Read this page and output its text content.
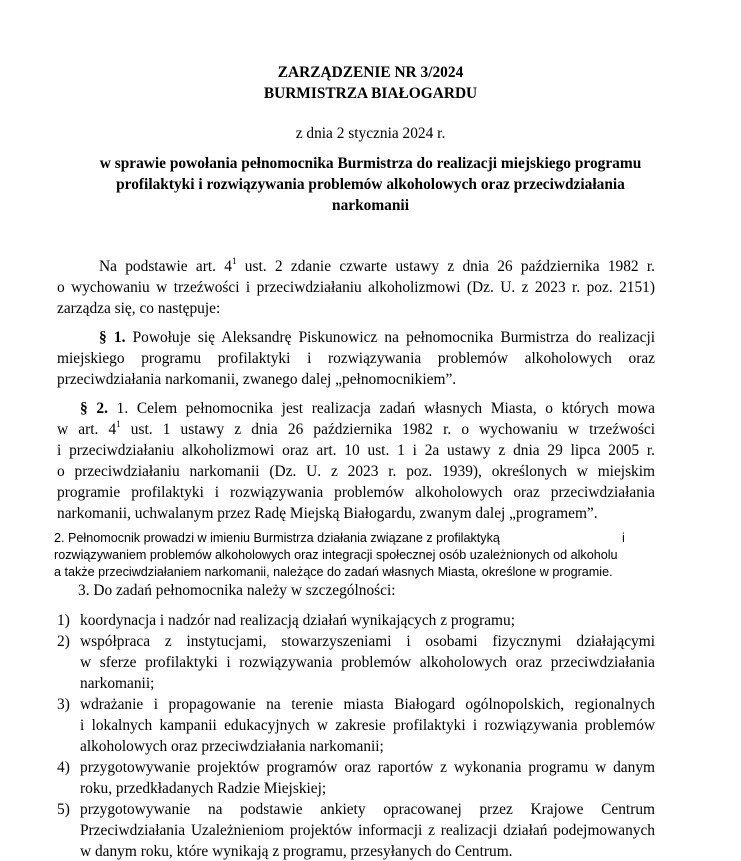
ZARZĄDZENIE NR 3/2024
BURMISTRZA BIAŁOGARDU
z dnia 2 stycznia 2024 r.
w sprawie powołania pełnomocnika Burmistrza do realizacji miejskiego programu
profilaktyki i rozwiązywania problemów alkoholowych oraz przeciwdziałania
narkomanii
Na podstawie art. $4^1$ ust. 2 zdanie czwarte ustawy z dnia 26 października 1982 r.
o wychowaniu w trzeźwości i przeciwdziałaniu alkoholizmowi (Dz. U. z 2023 r. poz. 2151)
zarządza się, co następuje:
§ 1. Powołuje się Aleksandrę Piskunowicz na pełnomocnika Burmistrza do realizacji
miejskiego programu profilaktyki i rozwiązywania problemów alkoholowych oraz
przeciwdziałania narkomanii, zwanego dalej „pełnomocnikiem”.
§ 2. 1. Celem pełnomocnika jest realizacja zadań własnych Miasta, o których mowa
w art. $4^1$ ust. 1 ustawy z dnia 26 października 1982 r. o wychowaniu w trzeźwości
i przeciwdziałaniu alkoholizmowi oraz art. 10 ust. 1 i 2a ustawy z dnia 29 lipca 2005 r.
o przeciwdziałaniu narkomanii (Dz. U. z 2023 r. poz. 1939), określonych w miejskim
programie profilaktyki i rozwiązywania problemów alkoholowych oraz przeciwdziałania
narkomanii, uchwalanym przez Radę Miejską Białogardu, zwanym dalej „programem”.
2. Pełnomocnik prowadzi w imieniu Burmistrza działania związane z profilaktyką	i
rozwiązywaniem problemów alkoholowych oraz integracji społecznej osób uzależnionych od alkoholu
a także przeciwdziałaniem narkomanii, należące do zadań własnych Miasta, określone w programie.
3. Do zadań pełnomocnika należy w szczególności:
1) koordynacja i nadzór nad realizacją działań wynikających z programu;
2) współpraca z instytucjami, stowarzyszeniami i osobami fizycznymi działającymi
w sferze profilaktyki i rozwiązywania problemów alkoholowych oraz przeciwdziałania
narkomanii;
3) wdrażanie i propagowanie na terenie miasta Białogard ogólnopolskich, regionalnych
i lokalnych kampanii edukacyjnych w zakresie profilaktyki i rozwiązywania problemów
alkoholowych oraz przeciwdziałania narkomanii;
4) przygotowywanie projektów programów oraz raportów z wykonania programu w danym
roku, przedkładanych Radzie Miejskiej;
5) przygotowywanie na podstawie ankiety opracowanej przez Krajowe Centrum
Przeciwdziałania Uzależnieniom projektów informacji z realizacji działań podejmowanych
w danym roku, które wynikają z programu, przesyłanych do Centrum.
